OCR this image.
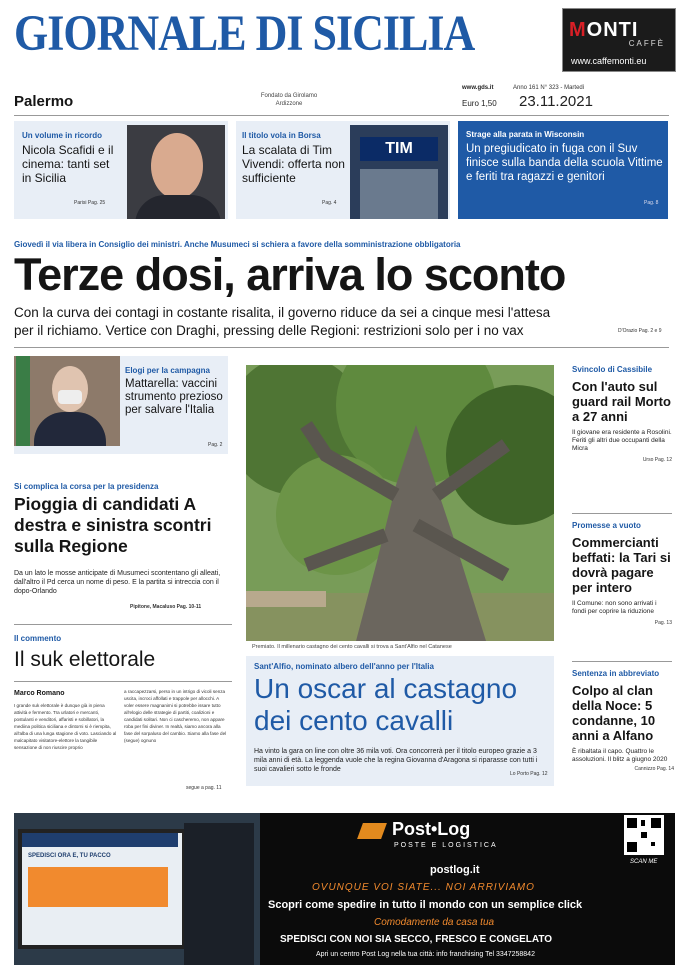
GIORNALE DI SICILIA	MONTI
CAFFÈ
www.caffemonti.eu
Palermo	Fondato da Girolamo Ardizzone
www.gds.it
Euro 1,50
Anno 161 N° 323 - Martedì
23.11.2021
Un volume in ricordo
Nicola Scafidi e il cinema: tanti set in Sicilia
Parisi Pag. 25
Il titolo vola in Borsa
La scalata di Tim Vivendi: offerta non sufficiente
Pag. 4
TIM
Strage alla parata in Wisconsin
Un pregiudicato in fuga con il Suv finisce sulla banda della scuola Vittime e feriti tra ragazzi e genitori
Pag. 8
Giovedì il via libera in Consiglio dei ministri. Anche Musumeci si schiera a favore della somministrazione obbligatoria
Terze dosi, arriva lo sconto
Con la curva dei contagi in costante risalita, il governo riduce da sei a cinque mesi l'attesa
per il richiamo. Vertice con Draghi, pressing delle Regioni: restrizioni solo per i no vax	D'Orazio Pag. 2 e 9
Elogi per la campagna
Mattarella: vaccini strumento prezioso per salvare l'Italia
Pag. 2
Si complica la corsa per la presidenza
Pioggia di candidati A destra e sinistra scontri sulla Regione
Da un lato le mosse anticipate di Musumeci scontentano gli alleati, dall'altro il Pd cerca un nome di peso. E la partita si intreccia con il dopo-Orlando
Pipitone, Macaluso Pag. 10-11
Il commento
Il suk elettorale
Marco Romano
I grande suk elettorale è dunque già in piena attività e fermento. Tra urlatori e mercanti, postulanti e venditori, affaristi e sobillatori, la mediina politica siciliana e dintorni si è riempita, all'alba di una lunga stagione di voto. Lasciando al malcapitato visitatore-elettore la tangibile sensazione di non riuscire proprio
a raccapezzarsi, perso in un intrigo di vicoli senza uscita, incroci affollati e trappole per allocchi. A voler essere magnanimi si potrebbe issare tutto all'elogio delle strategie di partiti, coalizioni e candidati solitari. Non ci cascheremo, non appare roba per fini diviner. In realtà, siamo ancora alla fase del sorpaluso del cambio. Siamo alla fase del (segue) ognuno
segue a pag. 11
Premiato. Il millenario castagno dei cento cavalli si trova a Sant'Alfio nel Catanese
Sant'Alfio, nominato albero dell'anno per l'Italia
Un oscar al castagno dei cento cavalli
Ha vinto la gara on line con oltre 36 mila voti. Ora concorrerà per il titolo europeo grazie a 3 mila anni di età. La leggenda vuole che la regina Giovanna d'Aragona si riparasse con tutti i suoi cavalieri sotto le fronde
Lo Porto Pag. 12
Svincolo di Cassibile
Con l'auto sul guard rail Morto a 27 anni
Il giovane era residente a Rosolini. Feriti gli altri due occupanti della Micra
Urso Pag. 12
Promesse a vuoto
Commercianti beffati: la Tari si dovrà pagare per intero
Il Comune: non sono arrivati i fondi per coprire la riduzione
Pag. 13
Sentenza in abbreviato
Colpo al clan della Noce: 5 condanne, 10 anni a Alfano
È ribaltata il capo. Quattro le assoluzioni. Il blitz a giugno 2020
Cannizzo Pag. 14
SPEDISCI ORA E, TU PACCO
Post•Log
POSTE E LOGISTICA
SCAN ME
postlog.it
OVUNQUE VOI SIATE... NOI ARRIVIAMO
Scopri come spedire in tutto il mondo con un semplice click
Comodamente da casa tua
SPEDISCI CON NOI SIA SECCO, FRESCO E CONGELATO
Apri un centro Post Log nella tua città: info franchising Tel 3347258842
